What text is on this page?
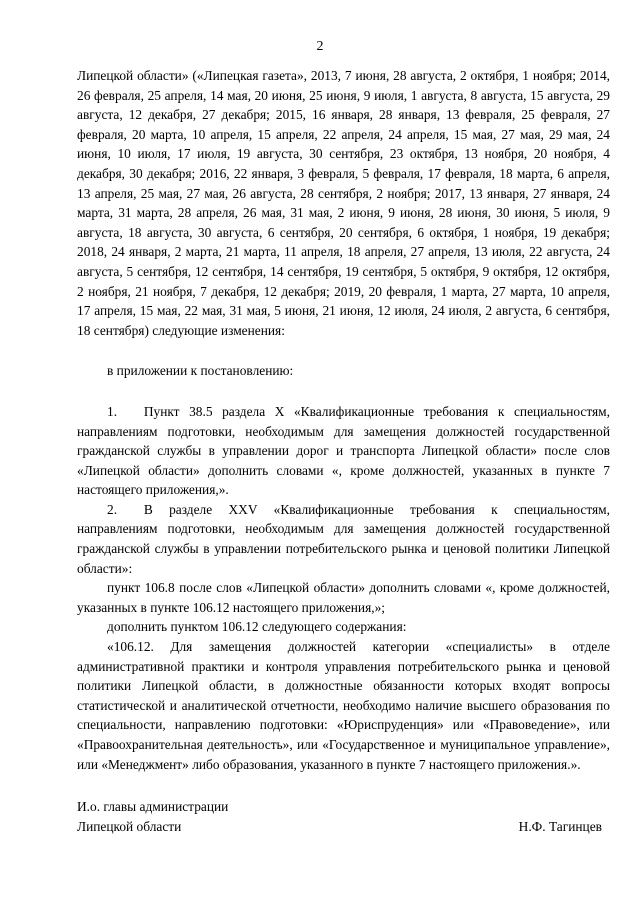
2

Липецкой области» («Липецкая газета», 2013, 7 июня, 28 августа, 2 октября, 1 ноября; 2014, 26 февраля, 25 апреля, 14 мая, 20 июня, 25 июня, 9 июля, 1 августа, 8 августа, 15 августа, 29 августа, 12 декабря, 27 декабря; 2015, 16 января, 28 января, 13 февраля, 25 февраля, 27 февраля, 20 марта, 10 апреля, 15 апреля, 22 апреля, 24 апреля, 15 мая, 27 мая, 29 мая, 24 июня, 10 июля, 17 июля, 19 августа, 30 сентября, 23 октября, 13 ноября, 20 ноября, 4 декабря, 30 декабря; 2016, 22 января, 3 февраля, 5 февраля, 17 февраля, 18 марта, 6 апреля, 13 апреля, 25 мая, 27 мая, 26 августа, 28 сентября, 2 ноября; 2017, 13 января, 27 января, 24 марта, 31 марта, 28 апреля, 26 мая, 31 мая, 2 июня, 9 июня, 28 июня, 30 июня, 5 июля, 9 августа, 18 августа, 30 августа, 6 сентября, 20 сентября, 6 октября, 1 ноября, 19 декабря; 2018, 24 января, 2 марта, 21 марта, 11 апреля, 18 апреля, 27 апреля, 13 июля, 22 августа, 24 августа, 5 сентября, 12 сентября, 14 сентября, 19 сентября, 5 октября, 9 октября, 12 октября, 2 ноября, 21 ноября, 7 декабря, 12 декабря; 2019, 20 февраля, 1 марта, 27 марта, 10 апреля, 17 апреля, 15 мая, 22 мая, 31 мая, 5 июня, 21 июня, 12 июля, 24 июля, 2 августа, 6 сентября, 18 сентября) следующие изменения:

в приложении к постановлению:

1.  Пункт 38.5 раздела X «Квалификационные требования к специальностям, направлениям подготовки, необходимым для замещения должностей государственной гражданской службы в управлении дорог и транспорта Липецкой области» после слов «Липецкой области» дополнить словами «, кроме должностей, указанных в пункте 7 настоящего приложения,».

2.  В разделе XXV «Квалификационные требования к специальностям, направлениям подготовки, необходимым для замещения должностей государственной гражданской службы в управлении потребительского рынка и ценовой политики Липецкой области»:

пункт 106.8 после слов «Липецкой области» дополнить словами «, кроме должностей, указанных в пункте 106.12 настоящего приложения,»;

дополнить пунктом 106.12 следующего содержания:

«106.12. Для замещения должностей категории «специалисты» в отделе административной практики и контроля управления потребительского рынка и ценовой политики Липецкой области, в должностные обязанности которых входят вопросы статистической и аналитической отчетности, необходимо наличие высшего образования по специальности, направлению подготовки: «Юриспруденция» или «Правоведение», или «Правоохранительная деятельность», или «Государственное и муниципальное управление», или «Менеджмент» либо образования, указанного в пункте 7 настоящего приложения.».

И.о. главы администрации
Липецкой области	Н.Ф. Тагинцев
